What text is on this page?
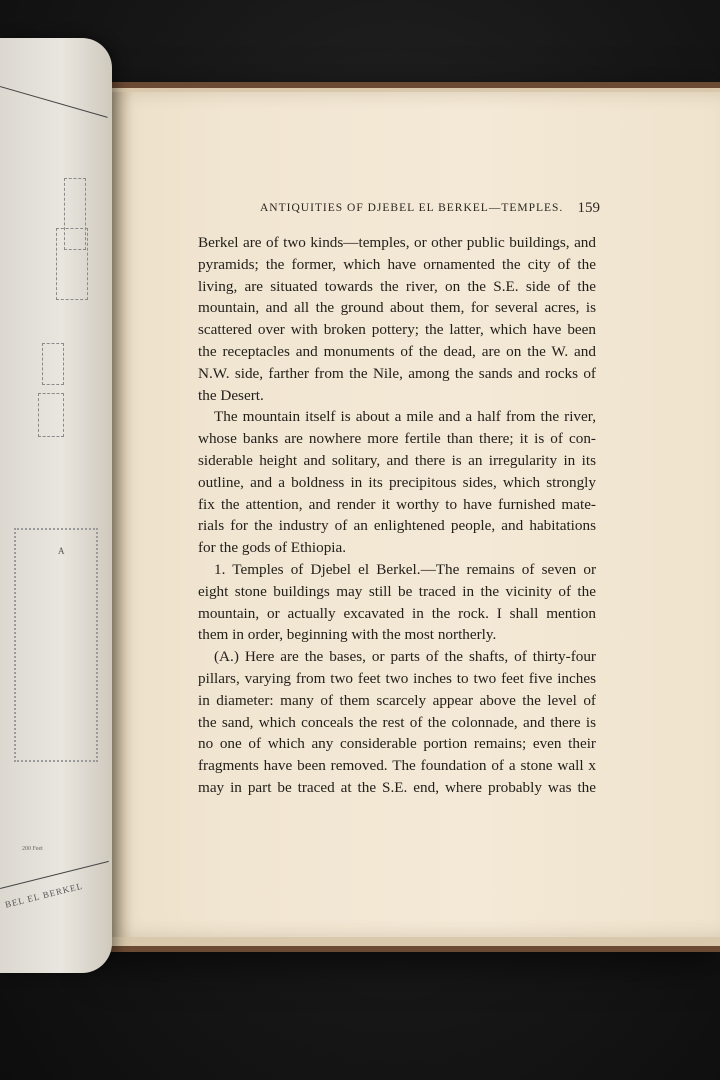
A
200 Feet
BEL EL BERKEL
ANTIQUITIES OF DJEBEL EL BERKEL—TEMPLES. 159
Berkel are of two kinds—temples, or other public buildings, and
pyramids; the former, which have ornamented the city of the
living, are situated towards the river, on the S.E. side of the
mountain, and all the ground about them, for several acres, is
scattered over with broken pottery; the latter, which have been
the receptacles and monuments of the dead, are on the W. and
N.W. side, farther from the Nile, among the sands and rocks of
the Desert.
The mountain itself is about a mile and a half from the river,
whose banks are nowhere more fertile than there; it is of con-
siderable height and solitary, and there is an irregularity in its
outline, and a boldness in its precipitous sides, which strongly
fix the attention, and render it worthy to have furnished mate-
rials for the industry of an enlightened people, and habitations
for the gods of Ethiopia.
1. Temples of Djebel el Berkel.—The remains of seven or
eight stone buildings may still be traced in the vicinity of the
mountain, or actually excavated in the rock. I shall mention
them in order, beginning with the most northerly.
(A.) Here are the bases, or parts of the shafts, of thirty-four
pillars, varying from two feet two inches to two feet five inches
in diameter: many of them scarcely appear above the level of
the sand, which conceals the rest of the colonnade, and there is
no one of which any considerable portion remains; even their
fragments have been removed. The foundation of a stone wall x
may in part be traced at the S.E. end, where probably was the
